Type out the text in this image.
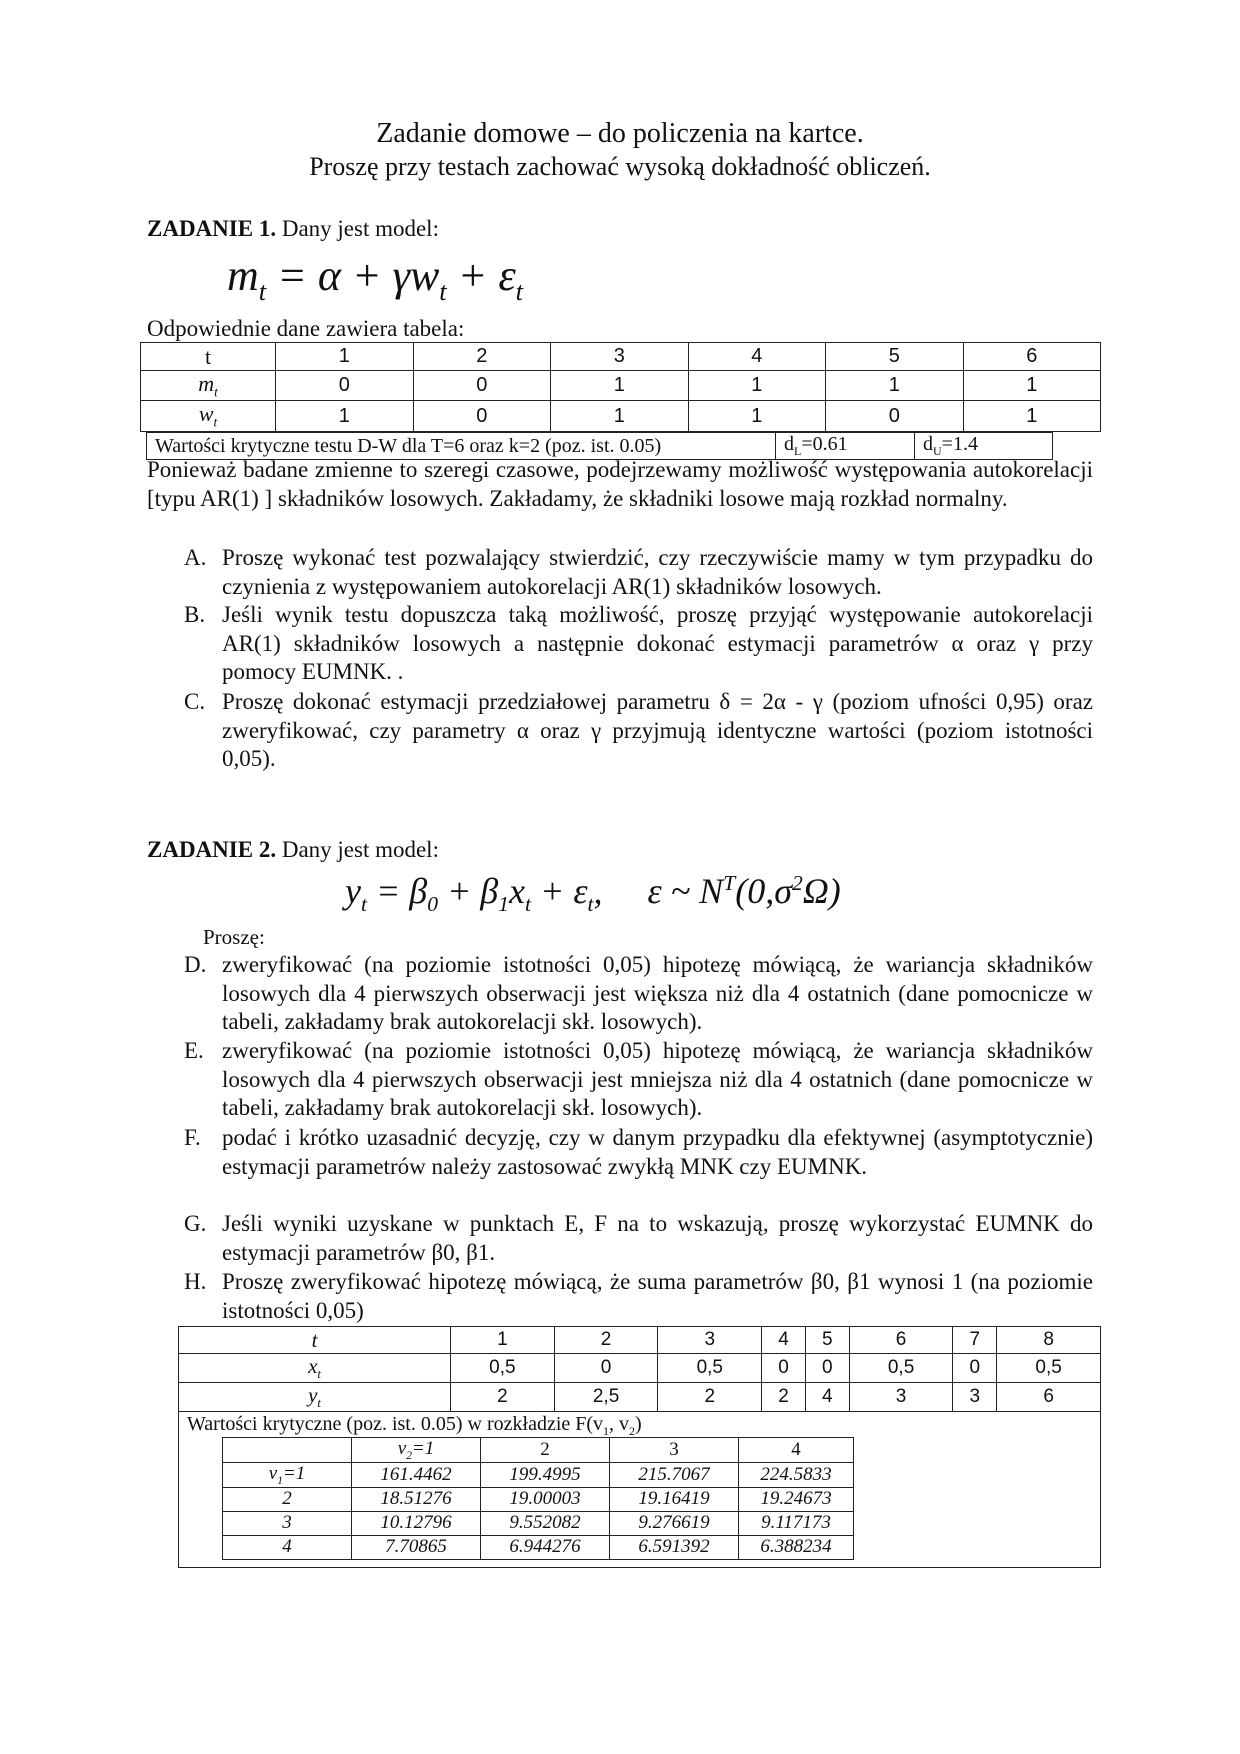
Zadanie domowe – do policzenia na kartce.
Proszę przy testach zachować wysoką dokładność obliczeń.
ZADANIE 1. Dany jest model:
$m_t = \alpha + \gamma w_t + \varepsilon_t$
Odpowiednie dane zawiera tabela:
t	1	2	3	4	5	6
$m_t$	0	0	1	1	1	1
$w_t$	1	0	1	1	0	1
Wartości krytyczne testu D-W dla T=6 oraz k=2 (poz. ist. 0.05)	$d_L=0.61$	$d_U=1.4$
Ponieważ badane zmienne to szeregi czasowe, podejrzewamy możliwość występowania autokorelacji [typu AR(1) ] składników losowych. Zakładamy, że składniki losowe mają rozkład normalny.
A. Proszę wykonać test pozwalający stwierdzić, czy rzeczywiście mamy w tym przypadku do czynienia z występowaniem autokorelacji AR(1) składników losowych.
B. Jeśli wynik testu dopuszcza taką możliwość, proszę przyjąć występowanie autokorelacji AR(1) składników losowych a następnie dokonać estymacji parametrów α oraz γ przy pomocy EUMNK. .
C. Proszę dokonać estymacji przedziałowej parametru δ = 2α - γ (poziom ufności 0,95) oraz zweryfikować, czy parametry α oraz γ przyjmują identyczne wartości (poziom istotności 0,05).
ZADANIE 2. Dany jest model:
$y_t = \beta_0 + \beta_1x_t + \varepsilon_t$,     ε ~ $N^T(0,\sigma^2\Omega)$
Proszę:
D. zweryfikować (na poziomie istotności 0,05) hipotezę mówiącą, że wariancja składników losowych dla 4 pierwszych obserwacji jest większa niż dla 4 ostatnich (dane pomocnicze w tabeli, zakładamy brak autokorelacji skł. losowych).
E. zweryfikować (na poziomie istotności 0,05) hipotezę mówiącą, że wariancja składników losowych dla 4 pierwszych obserwacji jest mniejsza niż dla 4 ostatnich (dane pomocnicze w tabeli, zakładamy brak autokorelacji skł. losowych).
F. podać i krótko uzasadnić decyzję, czy w danym przypadku dla efektywnej (asymptotycznie) estymacji parametrów należy zastosować zwykłą MNK czy EUMNK.
G. Jeśli wyniki uzyskane w punktach E, F na to wskazują, proszę wykorzystać EUMNK do estymacji parametrów β0, β1.
H. Proszę zweryfikować hipotezę mówiącą, że suma parametrów β0, β1 wynosi 1 (na poziomie istotności 0,05)
t	1	2	3	4	5	6	7	8
$x_t$	0,5	0	0,5	0	0	0,5	0	0,5
$y_t$	2	2,5	2	2	4	3	3	6
Wartości krytyczne (poz. ist. 0.05) w rozkładzie $F(v_1$, $v_2$)
	$v_2=1$	2	3	4
$v_1=1$	161.4462	199.4995	215.7067	224.5833
2	18.51276	19.00003	19.16419	19.24673
3	10.12796	9.552082	9.276619	9.117173
4	7.70865	6.944276	6.591392	6.388234
